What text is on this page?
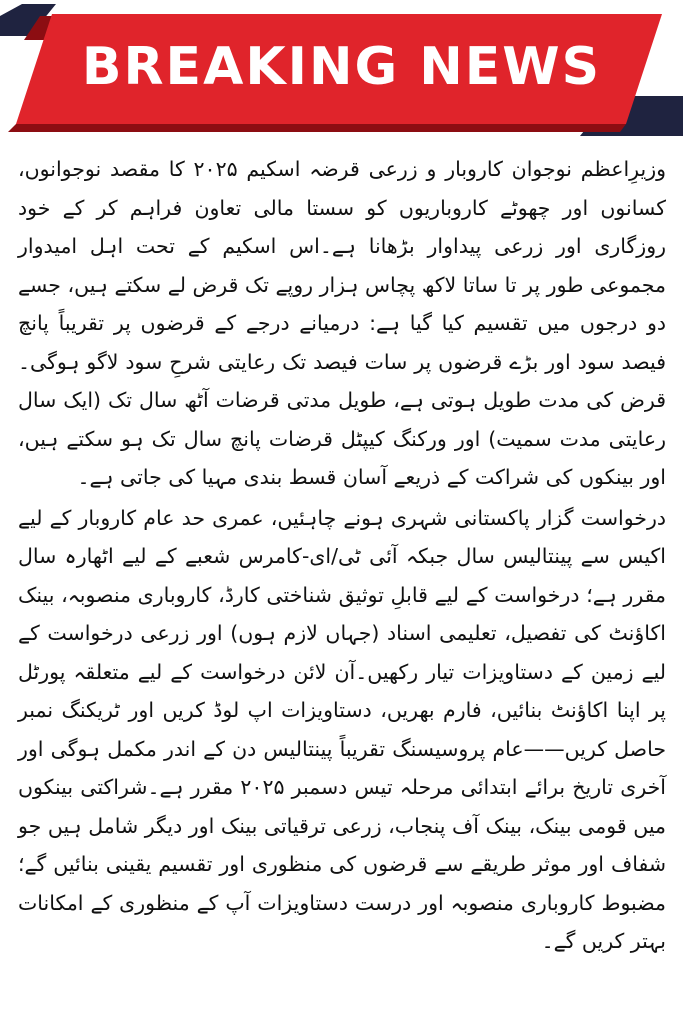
BREAKING NEWS

وزیرِاعظم نوجوان کاروبار و زرعی قرضہ اسکیم ۲۰۲۵ کا مقصد نوجوانوں، کسانوں اور چھوٹے کاروباریوں کو سستا مالی تعاون فراہم کر کے خود روزگاری اور زرعی پیداوار بڑھانا ہے۔اس اسکیم کے تحت اہل امیدوار مجموعی طور پر تا ساتا لاکھ پچاس ہزار روپے تک قرض لے سکتے ہیں، جسے دو درجوں میں تقسیم کیا گیا ہے: درمیانے درجے کے قرضوں پر تقریباً پانچ فیصد سود اور بڑے قرضوں پر سات فیصد تک رعایتی شرحِ سود لاگو ہوگی۔قرض کی مدت طویل ہوتی ہے، طویل مدتی قرضات آٹھ سال تک (ایک سال رعایتی مدت سمیت) اور ورکنگ کیپٹل قرضات پانچ سال تک ہو سکتے ہیں، اور بینکوں کی شراکت کے ذریعے آسان قسط بندی مہیا کی جاتی ہے۔

درخواست گزار پاکستانی شہری ہونے چاہئیں، عمری حد عام کاروبار کے لیے اکیس سے پینتالیس سال جبکہ آئی ٹی/ای-کامرس شعبے کے لیے اٹھارہ سال مقرر ہے؛ درخواست کے لیے قابلِ توثیق شناختی کارڈ، کاروباری منصوبہ، بینک اکاؤنٹ کی تفصیل، تعلیمی اسناد (جہاں لازم ہوں) اور زرعی درخواست کے لیے زمین کے دستاویزات تیار رکھیں۔آن لائن درخواست کے لیے متعلقہ پورٹل پر اپنا اکاؤنٹ بنائیں، فارم بھریں، دستاویزات اپ لوڈ کریں اور ٹریکنگ نمبر حاصل کریں——عام پروسیسنگ تقریباً پینتالیس دن کے اندر مکمل ہوگی اور آخری تاریخ برائے ابتدائی مرحلہ تیس دسمبر ۲۰۲۵ مقرر ہے۔شراکتی بینکوں میں قومی بینک، بینک آف پنجاب، زرعی ترقیاتی بینک اور دیگر شامل ہیں جو شفاف اور موثر طریقے سے قرضوں کی منظوری اور تقسیم یقینی بنائیں گے؛ مضبوط کاروباری منصوبہ اور درست دستاویزات آپ کے منظوری کے امکانات بہتر کریں گے۔
